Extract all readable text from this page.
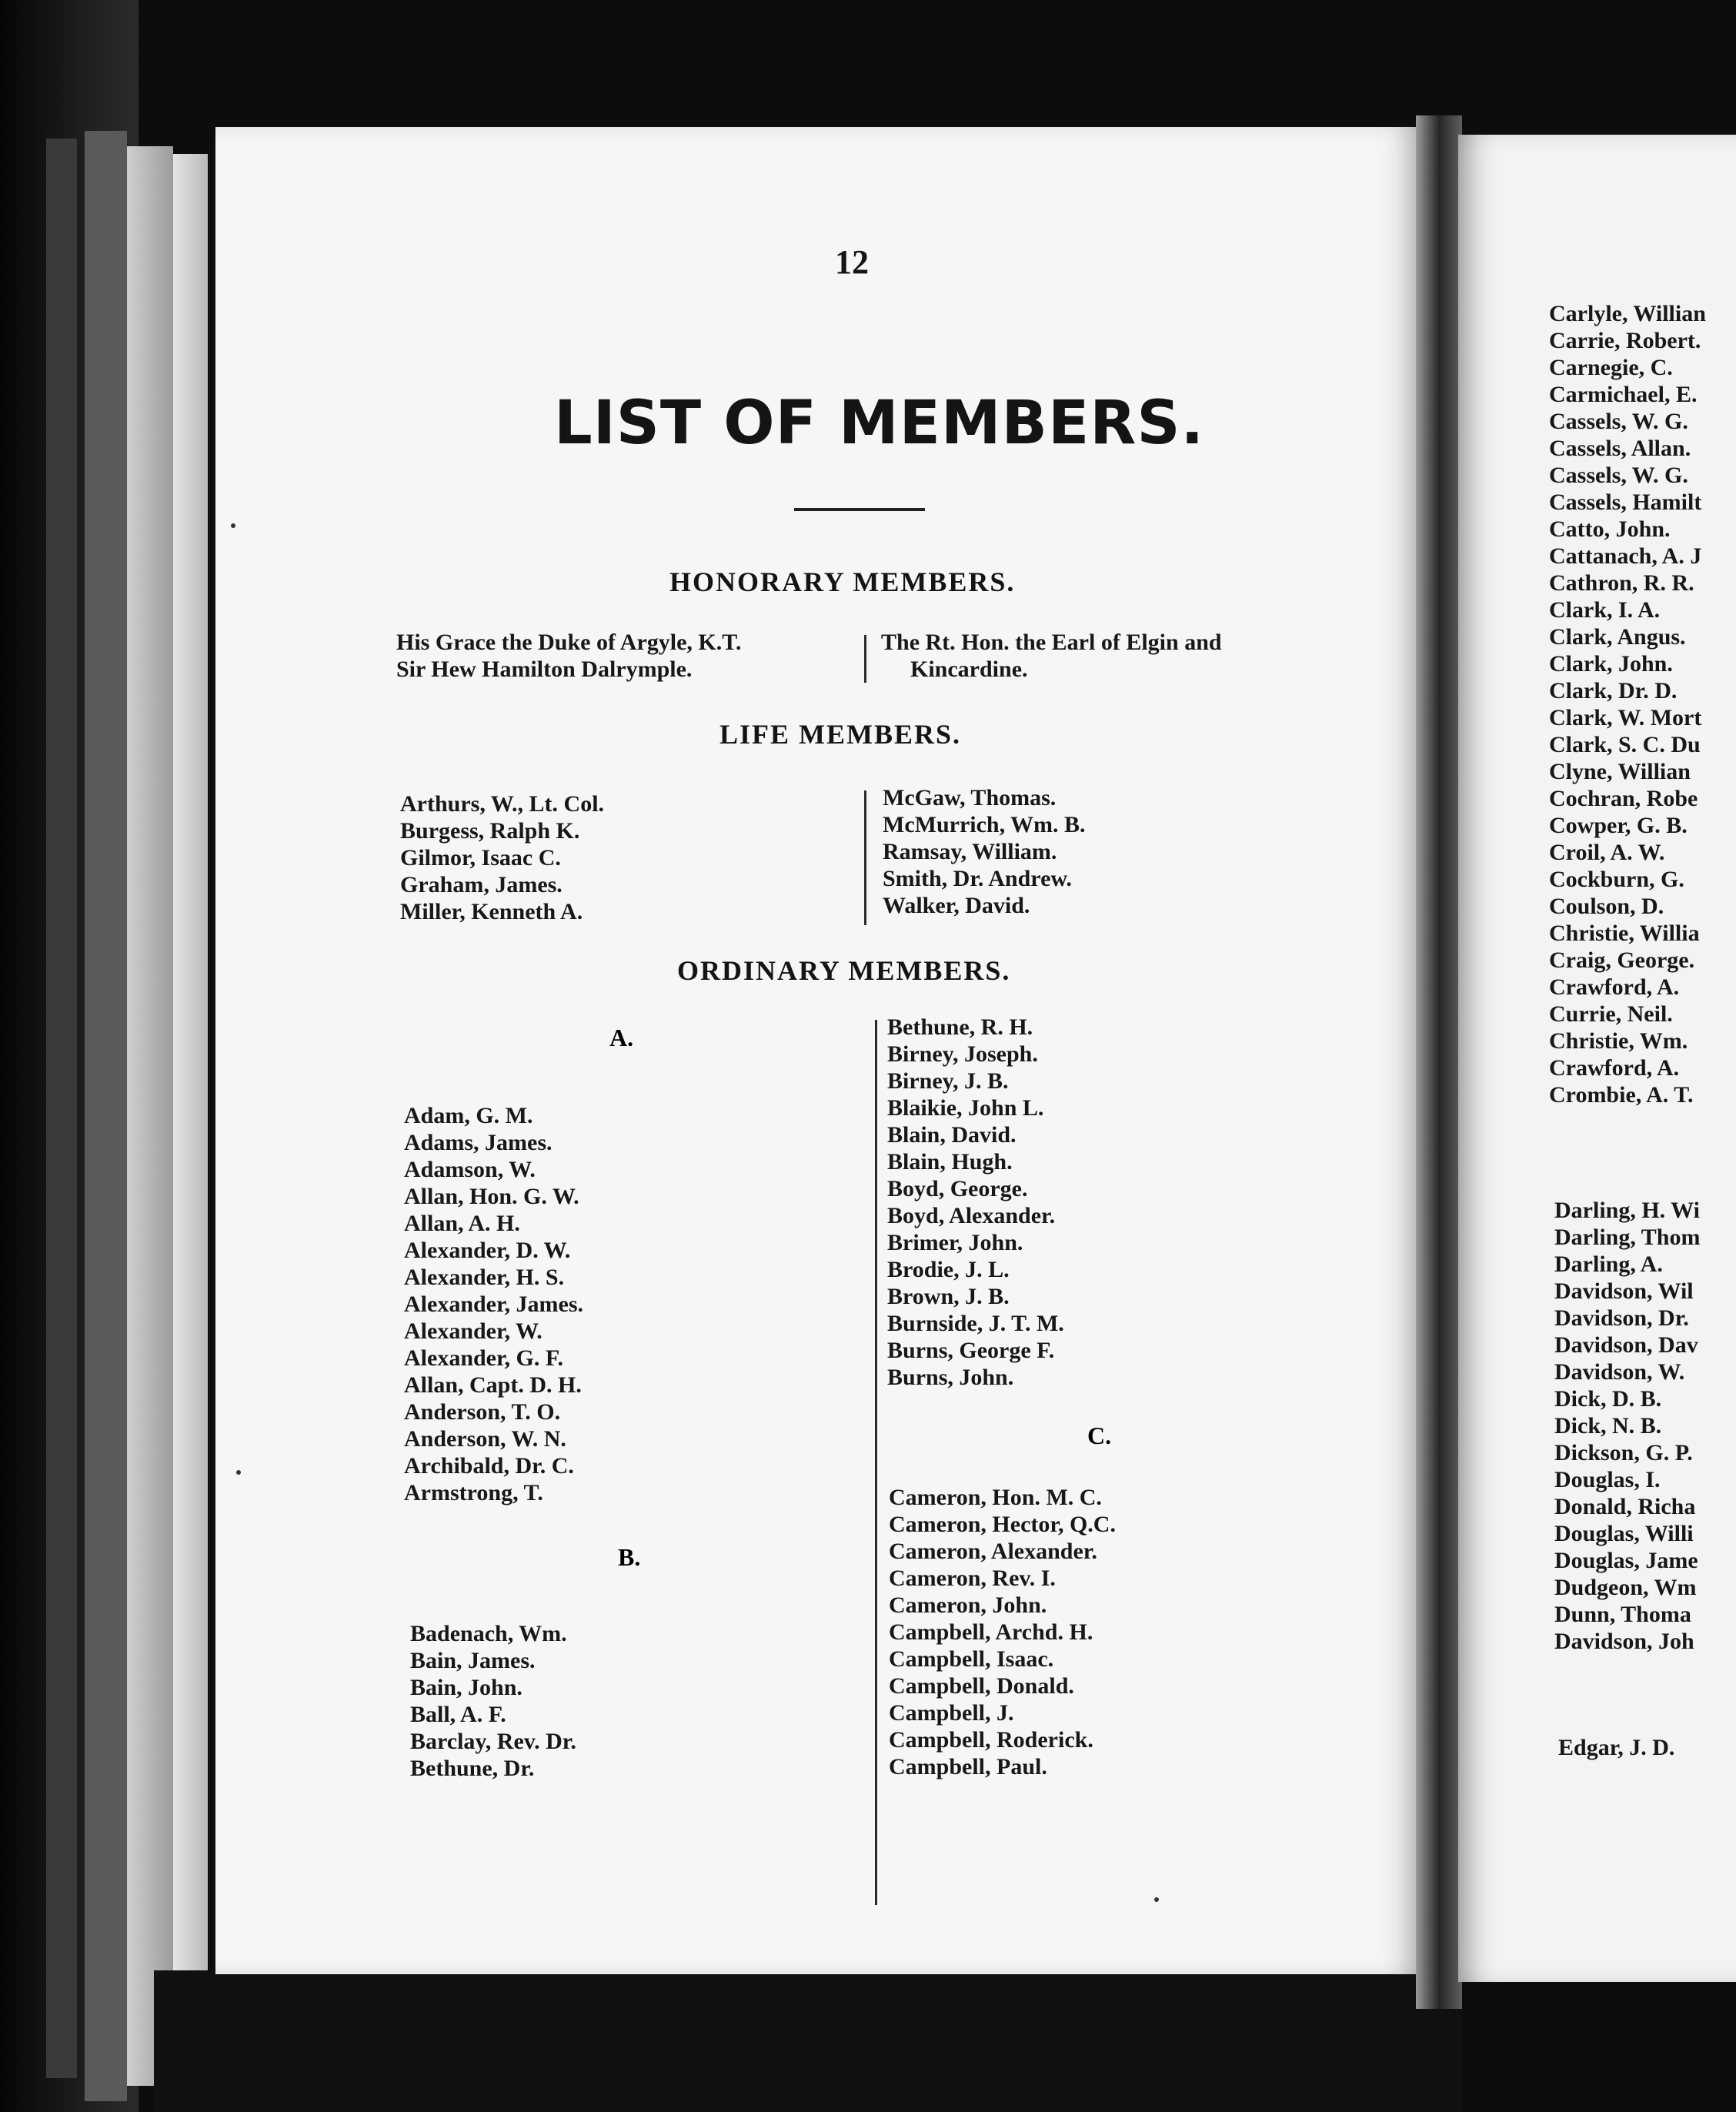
12
LIST OF MEMBERS.
HONORARY MEMBERS.
His Grace the Duke of Argyle, K.T.
Sir Hew Hamilton Dalrymple.
The Rt. Hon. the Earl of Elgin and
Kincardine.
LIFE MEMBERS.
Arthurs, W., Lt. Col.
Burgess, Ralph K.
Gilmor, Isaac C.
Graham, James.
Miller, Kenneth A.
McGaw, Thomas.
McMurrich, Wm. B.
Ramsay, William.
Smith, Dr. Andrew.
Walker, David.
ORDINARY MEMBERS.
A.
Adam, G. M.
Adams, James.
Adamson, W.
Allan, Hon. G. W.
Allan, A. H.
Alexander, D. W.
Alexander, H. S.
Alexander, James.
Alexander, W.
Alexander, G. F.
Allan, Capt. D. H.
Anderson, T. O.
Anderson, W. N.
Archibald, Dr. C.
Armstrong, T.
B.
Badenach, Wm.
Bain, James.
Bain, John.
Ball, A. F.
Barclay, Rev. Dr.
Bethune, Dr.
Bethune, R. H.
Birney, Joseph.
Birney, J. B.
Blaikie, John L.
Blain, David.
Blain, Hugh.
Boyd, George.
Boyd, Alexander.
Brimer, John.
Brodie, J. L.
Brown, J. B.
Burnside, J. T. M.
Burns, George F.
Burns, John.
C.
Cameron, Hon. M. C.
Cameron, Hector, Q.C.
Cameron, Alexander.
Cameron, Rev. I.
Cameron, John.
Campbell, Archd. H.
Campbell, Isaac.
Campbell, Donald.
Campbell, J.
Campbell, Roderick.
Campbell, Paul.
Carlyle, Willian
Carrie, Robert.
Carnegie, C.
Carmichael, E.
Cassels, W. G.
Cassels, Allan.
Cassels, W. G.
Cassels, Hamilt
Catto, John.
Cattanach, A. J
Cathron, R. R.
Clark, I. A.
Clark, Angus.
Clark, John.
Clark, Dr. D.
Clark, W. Mort
Clark, S. C. Du
Clyne, Willian
Cochran, Robe
Cowper, G. B.
Croil, A. W.
Cockburn, G.
Coulson, D.
Christie, Willia
Craig, George.
Crawford, A.
Currie, Neil.
Christie, Wm.
Crawford, A.
Crombie, A. T.
Darling, H. Wi
Darling, Thom
Darling, A.
Davidson, Wil
Davidson, Dr.
Davidson, Dav
Davidson, W.
Dick, D. B.
Dick, N. B.
Dickson, G. P.
Douglas, I.
Donald, Richa
Douglas, Willi
Douglas, Jame
Dudgeon, Wm
Dunn, Thoma
Davidson, Joh
Edgar, J. D.
